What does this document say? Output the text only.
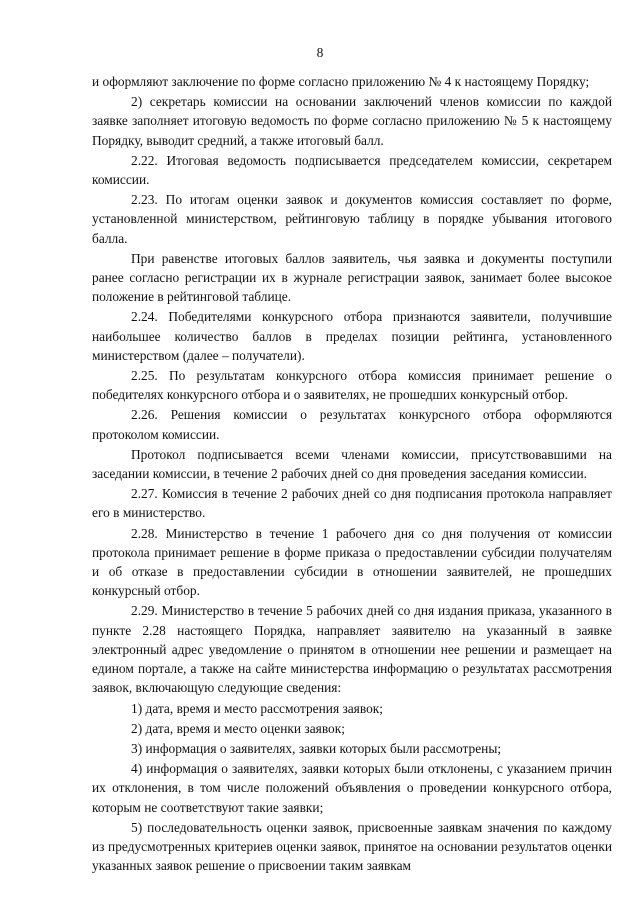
8

и оформляют заключение по форме согласно приложению № 4 к настоящему Порядку;

2) секретарь комиссии на основании заключений членов комиссии по каждой заявке заполняет итоговую ведомость по форме согласно приложению № 5 к настоящему Порядку, выводит средний, а также итоговый балл.

2.22. Итоговая ведомость подписывается председателем комиссии, секретарем комиссии.

2.23. По итогам оценки заявок и документов комиссия составляет по форме, установленной министерством, рейтинговую таблицу в порядке убывания итогового балла.

При равенстве итоговых баллов заявитель, чья заявка и документы поступили ранее согласно регистрации их в журнале регистрации заявок, занимает более высокое положение в рейтинговой таблице.

2.24. Победителями конкурсного отбора признаются заявители, получившие наибольшее количество баллов в пределах позиции рейтинга, установленного министерством (далее – получатели).

2.25. По результатам конкурсного отбора комиссия принимает решение о победителях конкурсного отбора и о заявителях, не прошедших конкурсный отбор.

2.26. Решения комиссии о результатах конкурсного отбора оформляются протоколом комиссии.

Протокол подписывается всеми членами комиссии, присутствовавшими на заседании комиссии, в течение 2 рабочих дней со дня проведения заседания комиссии.

2.27. Комиссия в течение 2 рабочих дней со дня подписания протокола направляет его в министерство.

2.28. Министерство в течение 1 рабочего дня со дня получения от комиссии протокола принимает решение в форме приказа о предоставлении субсидии получателям и об отказе в предоставлении субсидии в отношении заявителей, не прошедших конкурсный отбор.

2.29. Министерство в течение 5 рабочих дней со дня издания приказа, указанного в пункте 2.28 настоящего Порядка, направляет заявителю на указанный в заявке электронный адрес уведомление о принятом в отношении нее решении и размещает на едином портале, а также на сайте министерства информацию о результатах рассмотрения заявок, включающую следующие сведения:

1) дата, время и место рассмотрения заявок;

2) дата, время и место оценки заявок;

3) информация о заявителях, заявки которых были рассмотрены;

4) информация о заявителях, заявки которых были отклонены, с указанием причин их отклонения, в том числе положений объявления о проведении конкурсного отбора, которым не соответствуют такие заявки;

5) последовательность оценки заявок, присвоенные заявкам значения по каждому из предусмотренных критериев оценки заявок, принятое на основании результатов оценки указанных заявок решение о присвоении таким заявкам
